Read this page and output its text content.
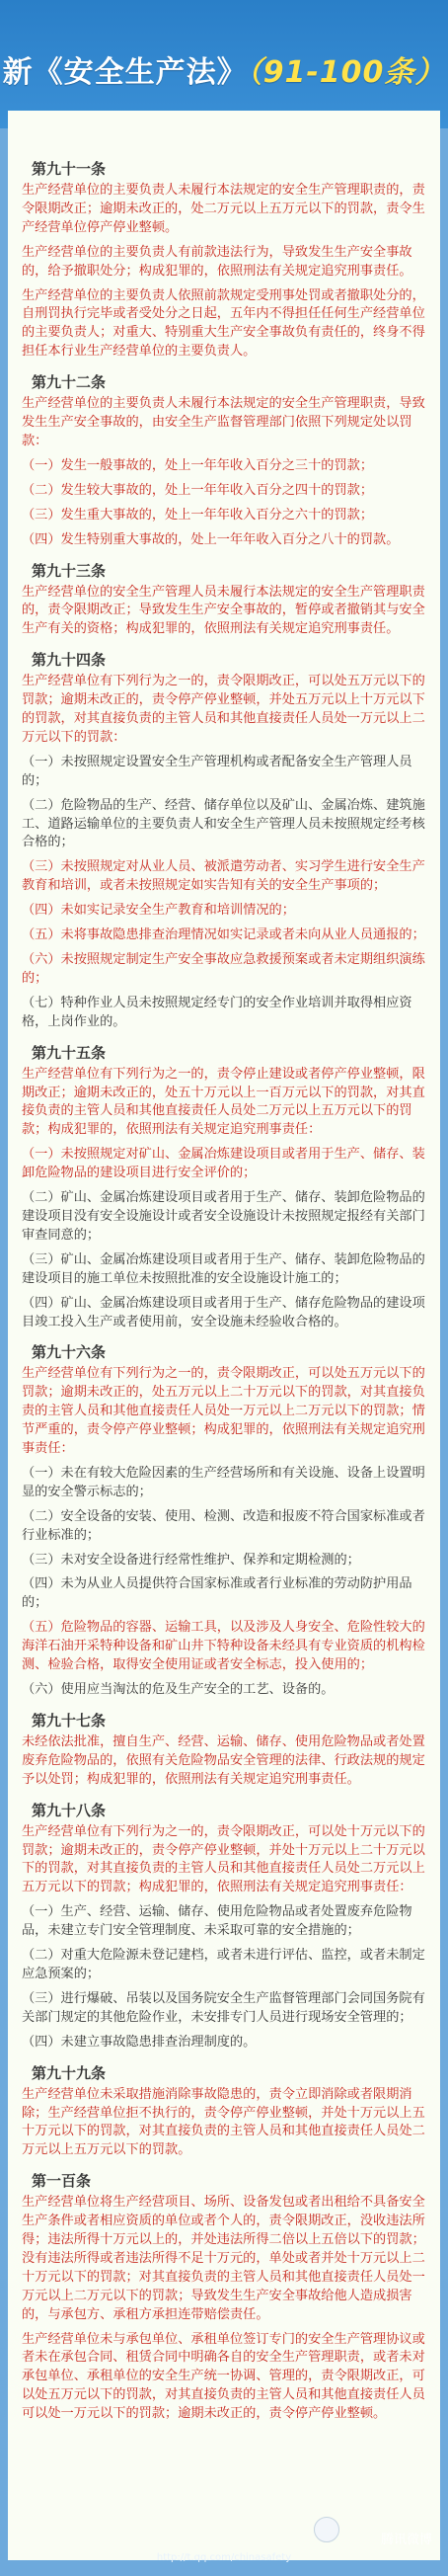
新《安全生产法》（91-100条）
第九十一条
生产经营单位的主要负责人未履行本法规定的安全生产管理职责的，责令限期改正；逾期未改正的，处二万元以上五万元以下的罚款，责令生产经营单位停产停业整顿。
生产经营单位的主要负责人有前款违法行为，导致发生生产安全事故的，给予撤职处分；构成犯罪的，依照刑法有关规定追究刑事责任。
生产经营单位的主要负责人依照前款规定受刑事处罚或者撤职处分的，自刑罚执行完毕或者受处分之日起，五年内不得担任任何生产经营单位的主要负责人；对重大、特别重大生产安全事故负有责任的，终身不得担任本行业生产经营单位的主要负责人。
第九十二条
生产经营单位的主要负责人未履行本法规定的安全生产管理职责，导致发生生产安全事故的，由安全生产监督管理部门依照下列规定处以罚款：
（一）发生一般事故的，处上一年年收入百分之三十的罚款；
（二）发生较大事故的，处上一年年收入百分之四十的罚款；
（三）发生重大事故的，处上一年年收入百分之六十的罚款；
（四）发生特别重大事故的，处上一年年收入百分之八十的罚款。
第九十三条
生产经营单位的安全生产管理人员未履行本法规定的安全生产管理职责的，责令限期改正；导致发生生产安全事故的，暂停或者撤销其与安全生产有关的资格；构成犯罪的，依照刑法有关规定追究刑事责任。
第九十四条
生产经营单位有下列行为之一的，责令限期改正，可以处五万元以下的罚款；逾期未改正的，责令停产停业整顿，并处五万元以上十万元以下的罚款，对其直接负责的主管人员和其他直接责任人员处一万元以上二万元以下的罚款：
（一）未按照规定设置安全生产管理机构或者配备安全生产管理人员的；
（二）危险物品的生产、经营、储存单位以及矿山、金属冶炼、建筑施工、道路运输单位的主要负责人和安全生产管理人员未按照规定经考核合格的；
（三）未按照规定对从业人员、被派遣劳动者、实习学生进行安全生产教育和培训，或者未按照规定如实告知有关的安全生产事项的；
（四）未如实记录安全生产教育和培训情况的；
（五）未将事故隐患排查治理情况如实记录或者未向从业人员通报的；
（六）未按照规定制定生产安全事故应急救援预案或者未定期组织演练的；
（七）特种作业人员未按照规定经专门的安全作业培训并取得相应资格，上岗作业的。
第九十五条
生产经营单位有下列行为之一的，责令停止建设或者停产停业整顿，限期改正；逾期未改正的，处五十万元以上一百万元以下的罚款，对其直接负责的主管人员和其他直接责任人员处二万元以上五万元以下的罚款；构成犯罪的，依照刑法有关规定追究刑事责任：
（一）未按照规定对矿山、金属冶炼建设项目或者用于生产、储存、装卸危险物品的建设项目进行安全评价的；
（二）矿山、金属冶炼建设项目或者用于生产、储存、装卸危险物品的建设项目没有安全设施设计或者安全设施设计未按照规定报经有关部门审查同意的；
（三）矿山、金属冶炼建设项目或者用于生产、储存、装卸危险物品的建设项目的施工单位未按照批准的安全设施设计施工的；
（四）矿山、金属冶炼建设项目或者用于生产、储存危险物品的建设项目竣工投入生产或者使用前，安全设施未经验收合格的。
第九十六条
生产经营单位有下列行为之一的，责令限期改正，可以处五万元以下的罚款；逾期未改正的，处五万元以上二十万元以下的罚款，对其直接负责的主管人员和其他直接责任人员处一万元以上二万元以下的罚款；情节严重的，责令停产停业整顿；构成犯罪的，依照刑法有关规定追究刑事责任：
（一）未在有较大危险因素的生产经营场所和有关设施、设备上设置明显的安全警示标志的；
（二）安全设备的安装、使用、检测、改造和报废不符合国家标准或者行业标准的；
（三）未对安全设备进行经常性维护、保养和定期检测的；
（四）未为从业人员提供符合国家标准或者行业标准的劳动防护用品的；
（五）危险物品的容器、运输工具，以及涉及人身安全、危险性较大的海洋石油开采特种设备和矿山井下特种设备未经具有专业资质的机构检测、检验合格，取得安全使用证或者安全标志，投入使用的；
（六）使用应当淘汰的危及生产安全的工艺、设备的。
第九十七条
未经依法批准，擅自生产、经营、运输、储存、使用危险物品或者处置废弃危险物品的，依照有关危险物品安全管理的法律、行政法规的规定予以处罚；构成犯罪的，依照刑法有关规定追究刑事责任。
第九十八条
生产经营单位有下列行为之一的，责令限期改正，可以处十万元以下的罚款；逾期未改正的，责令停产停业整顿，并处十万元以上二十万元以下的罚款，对其直接负责的主管人员和其他直接责任人员处二万元以上五万元以下的罚款；构成犯罪的，依照刑法有关规定追究刑事责任：
（一）生产、经营、运输、储存、使用危险物品或者处置废弃危险物品，未建立专门安全管理制度、未采取可靠的安全措施的；
（二）对重大危险源未登记建档，或者未进行评估、监控，或者未制定应急预案的；
（三）进行爆破、吊装以及国务院安全生产监督管理部门会同国务院有关部门规定的其他危险作业，未安排专门人员进行现场安全管理的；
（四）未建立事故隐患排查治理制度的。
第九十九条
生产经营单位未采取措施消除事故隐患的，责令立即消除或者限期消除；生产经营单位拒不执行的，责令停产停业整顿，并处十万元以上五十万元以下的罚款，对其直接负责的主管人员和其他直接责任人员处二万元以上五万元以下的罚款。
第一百条
生产经营单位将生产经营项目、场所、设备发包或者出租给不具备安全生产条件或者相应资质的单位或者个人的，责令限期改正，没收违法所得；违法所得十万元以上的，并处违法所得二倍以上五倍以下的罚款；没有违法所得或者违法所得不足十万元的，单处或者并处十万元以上二十万元以下的罚款；对其直接负责的主管人员和其他直接责任人员处一万元以上二万元以下的罚款；导致发生生产安全事故给他人造成损害的，与承包方、承租方承担连带赔偿责任。
生产经营单位未与承包单位、承租单位签订专门的安全生产管理协议或者未在承包合同、租赁合同中明确各自的安全生产管理职责，或者未对承包单位、承租单位的安全生产统一协调、管理的，责令限期改正，可以处五万元以下的罚款，对其直接负责的主管人员和其他直接责任人员可以处一万元以下的罚款；逾期未改正的，责令停产停业整顿。
腾讯微博
http://t.qq.com/chinasafety
